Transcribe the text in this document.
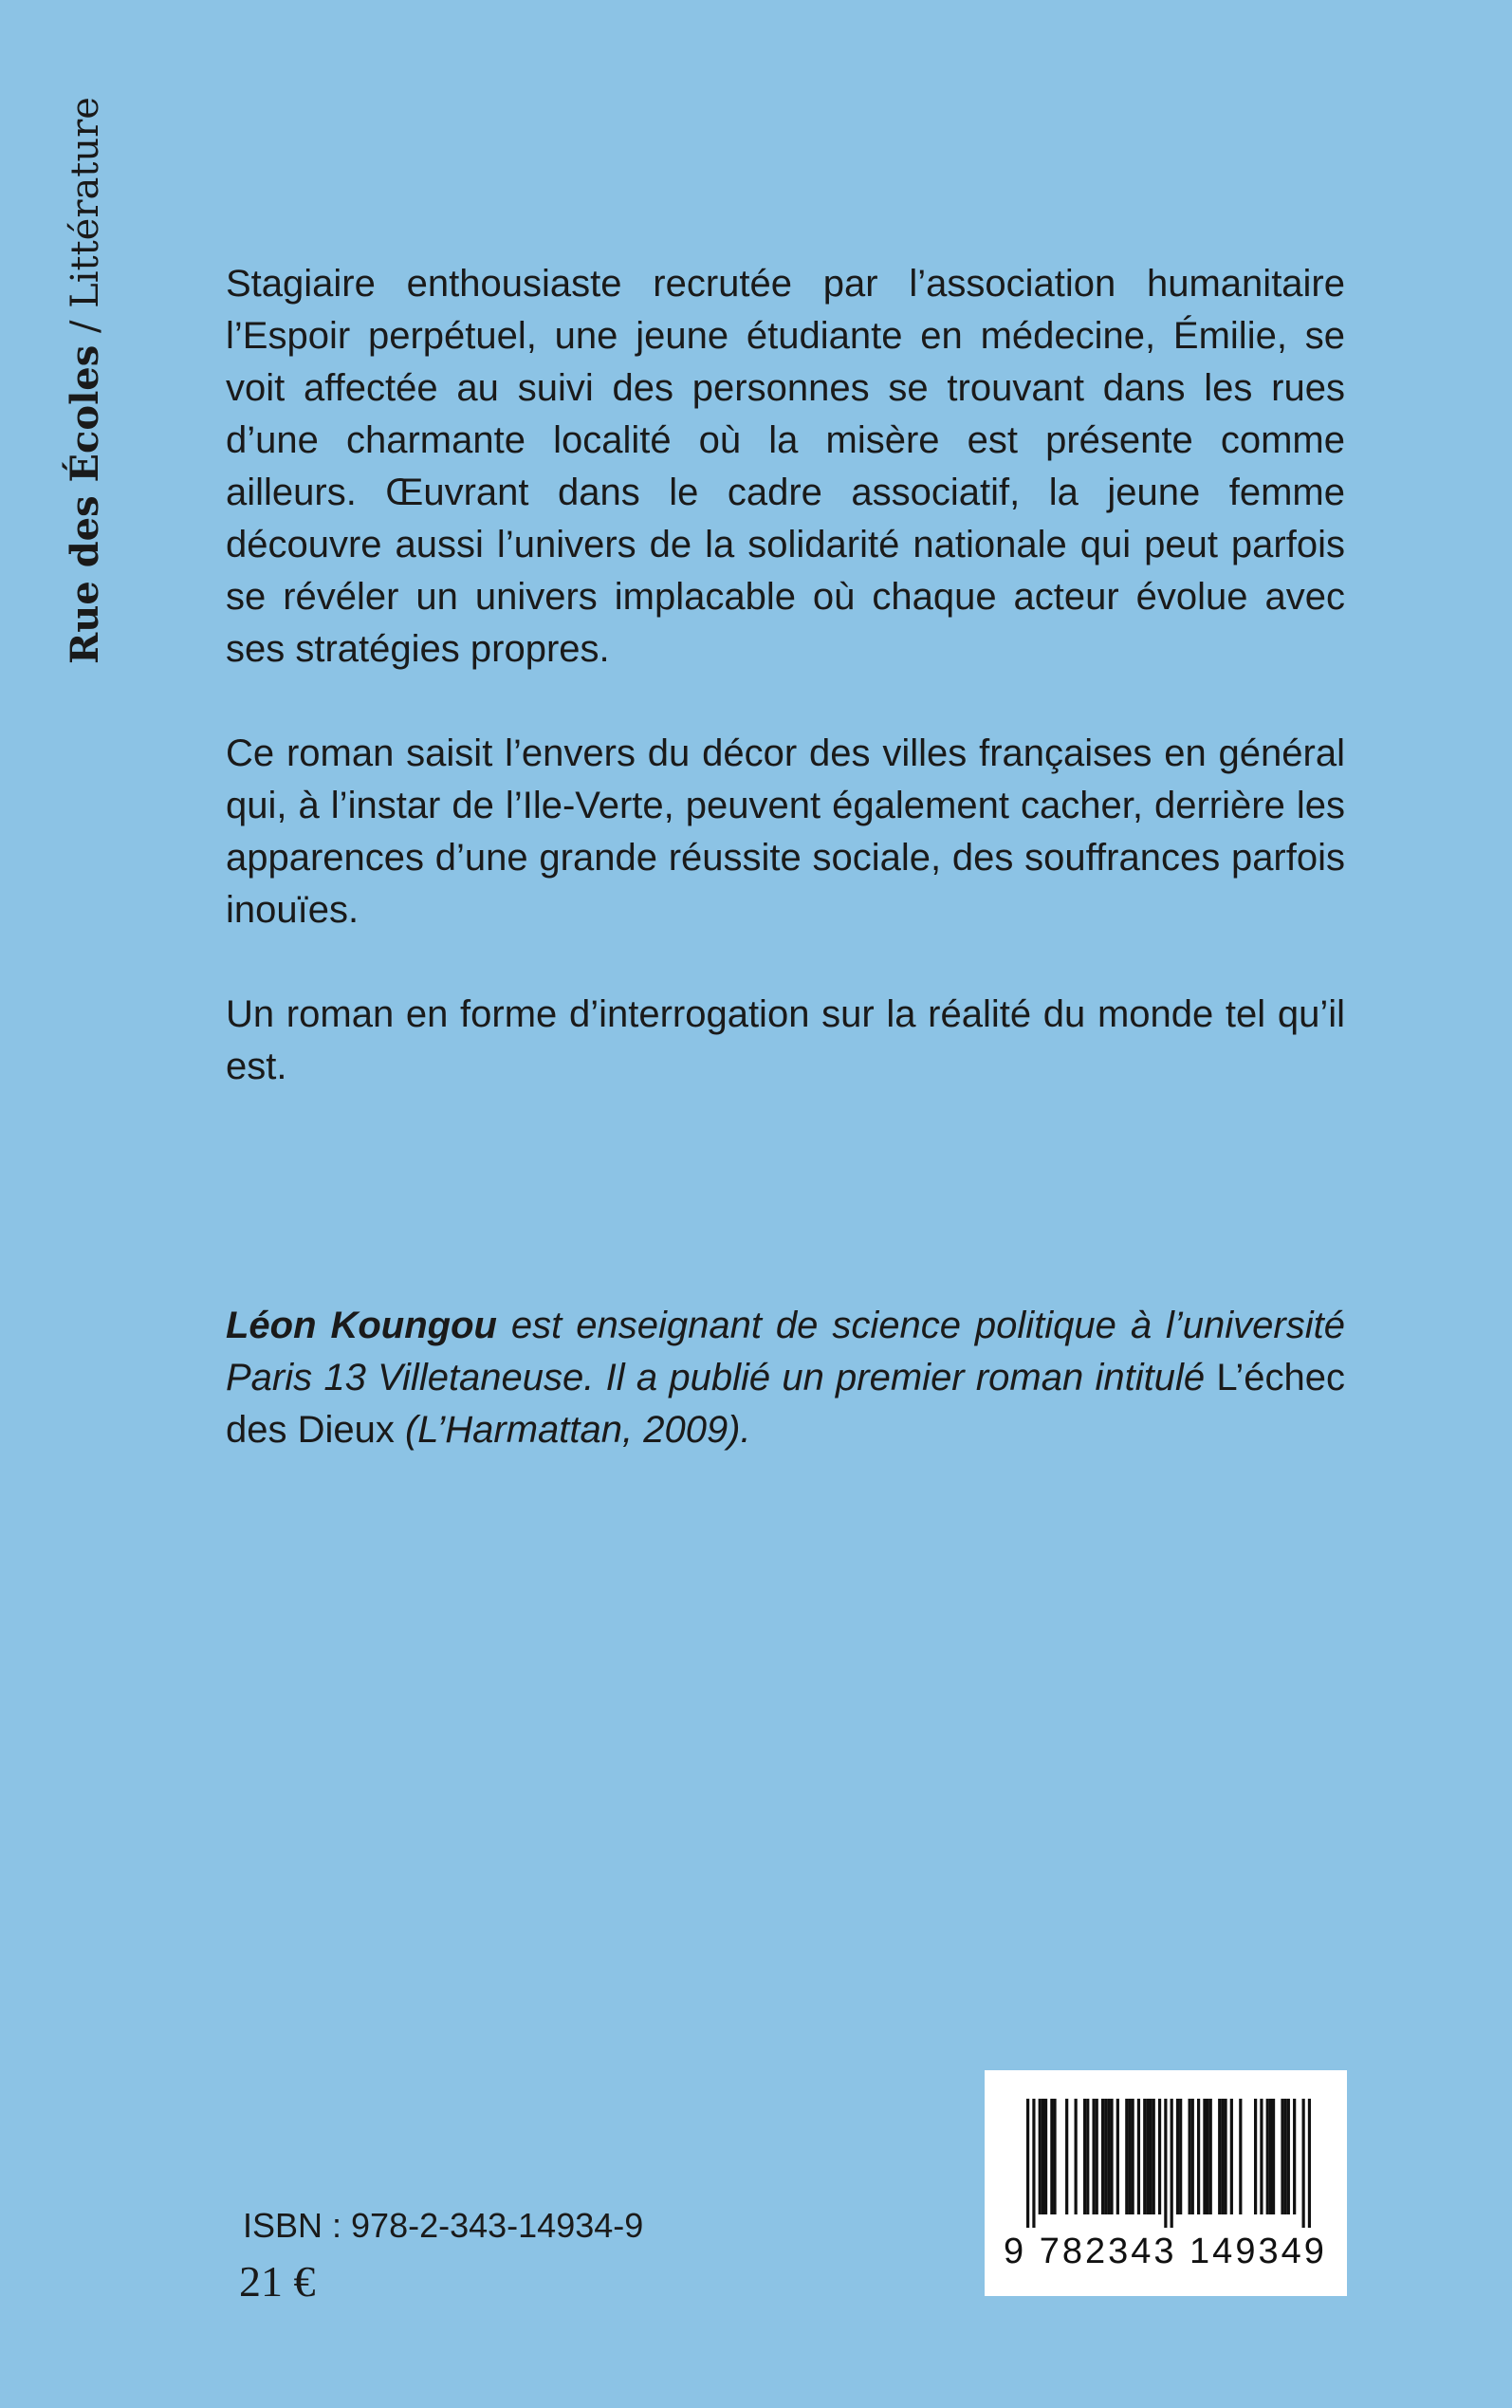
Rue des Écoles / Littérature	Stagiaire enthousiaste recrutée par l’association humanitaire l’Espoir perpétuel, une jeune étudiante en médecine, Émilie, se voit affectée au suivi des personnes se trouvant dans les rues d’une charmante localité où la misère est présente comme ailleurs. Œuvrant dans le cadre associatif, la jeune femme découvre aussi l’univers de la solidarité nationale qui peut parfois se révéler un univers implacable où chaque acteur évolue avec ses stratégies propres.

Ce roman saisit l’envers du décor des villes françaises en général qui, à l’instar de l’Ile-Verte, peuvent également cacher, derrière les apparences d’une grande réussite sociale, des souffrances parfois inouïes.

Un roman en forme d’interrogation sur la réalité du monde tel qu’il est.

Léon Koungou est enseignant de science politique à l’université Paris 13 Villetaneuse. Il a publié un premier roman intitulé L’échec des Dieux (L’Harmattan, 2009).
ISBN : 978-2-343-14934-9
21 €
9 782343 149349
